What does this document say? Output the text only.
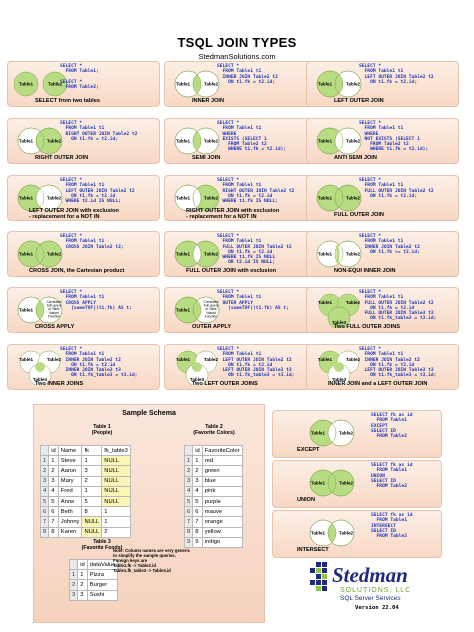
TSQL JOIN TYPES
StedmanSolutions.com
Table1	Table2
SELECT *
FROM Table1;

SELECT *
FROM Table2;
SELECT from two tables
Table1	Table2
SELECT *
FROM Table1 t1
INNER JOIN Table2 t2
ON t1.fk = t2.id;
INNER JOIN
Table1	Table2
SELECT *
FROM Table1 t1
LEFT OUTER JOIN Table2 t2
ON t1.fk = t2.id;
LEFT OUTER JOIN
Table1	Table2
SELECT *
FROM Table1 t1
RIGHT OUTER JOIN Table2 t2
ON t1.fk = t2.id;
RIGHT OUTER JOIN
Table1	Table2
SELECT *
FROM Table1 t1
WHERE
EXISTS (SELECT 1
FROM Table2 t2
WHERE t1.fk = t2.id);
SEMI JOIN
Table1	Table2
SELECT *
FROM Table1 t1
WHERE
NOT EXISTS (SELECT 1
FROM Table2 t2
WHERE t1.fk = t2.id);
ANTI SEMI JOIN
Table1	Table2
SELECT *
FROM Table1 t1
LEFT OUTER JOIN Table2 t2
ON t1.fk = t2.id
WHERE t2.id IS NULL;
LEFT OUTER JOIN with exclusion
- replacement for a NOT IN
Table1	Table2
SELECT *
FROM Table1 t1
RIGHT OUTER JOIN Table2 t2
ON t1.fk = t2.id
WHERE t1.fk IS NULL;
RIGHT OUTER JOIN with exclusion
- replacement for a NOT IN
Table1	Table2
SELECT *
FROM Table1 t1
FULL OUTER JOIN Table2 t2
ON t1.fk = t2.id;
FULL OUTER JOIN
Table1	Table2
SELECT *
FROM Table1 t1
CROSS JOIN Table2 t2;
CROSS JOIN, the Cartesian product
Table1	Table2
SELECT *
FROM Table1 t1
FULL OUTER JOIN Table2 t2
ON t1.fk = t2.id
WHERE t1.fk IS NULL
OR t2.id IS NULL;
FULL OUTER JOIN with exclusion
Table1	Table2
SELECT *
FROM Table1 t1
INNER JOIN Table2 t2
ON t1.fk >= t2.id;
NON-EQUI INNER JOIN
Table1
Correlated Sub-query or Table Valued Function
SELECT *
FROM Table1 t1
CROSS APPLY
[someTVF](t1.fk) AS t;
CROSS APPLY
Table1
Correlated Sub-query or Table Valued Function
SELECT *
FROM Table1 t1
OUTER APPLY
[someTVF](t1.fk) AS t;
OUTER APPLY
Table1	Table2
Table3
SELECT *
FROM Table1 t1
FULL OUTER JOIN Table2 t2
ON t1.fk = t2.id
FULL OUTER JOIN Table3 t3
ON t1.fk_table3 = t3.id;
Two FULL OUTER JOINS
Table1	Table2
Table3
SELECT *
FROM Table1 t1
INNER JOIN Table2 t2
ON t1.fk = t2.id
INNER JOIN Table3 t3
ON t1.fk_table3 = t3.id;
Two INNER JOINS
Table1	Table2
Table3
SELECT *
FROM Table1 t1
LEFT OUTER JOIN Table2 t2
ON t1.fk = t2.id
LEFT OUTER JOIN Table3 t3
ON t1.fk_table3 = t3.id;
Two LEFT OUTER JOINS
Table1	Table2
Table3
SELECT *
FROM Table1 t1
INNER JOIN Table2 t2
ON t1.fk = t2.id
LEFT OUTER JOIN Table3 t3
ON t1.fk_table3 = t3.id;
INNER JOIN and a LEFT OUTER JOIN
Table1	Table2
SELECT fk as id
FROM Table1
EXCEPT
SELECT ID
FROM Table2
EXCEPT
Table1	Table2
SELECT fk as id
FROM Table1
UNION
SELECT ID
FROM Table2
UNION
Table1	Table2
SELECT fk as id
FROM Table1
INTERSECT
SELECT ID
FROM Table2
INTERSECT
Sample Schema
Table 1
(People)
Table 2
(Favorite Colors)
Table 3
(Favorite Foods)
	id	Name	fk	fk_table3
1	1	Steve	1	NULL
2	2	Aaron	3	NULL
3	3	Mary	2	NULL
4	4	Fred	1	NULL
5	5	Anne	5	NULL
6	6	Beth	8	1
7	7	Johnny	NULL	1
8	8	Karen	NULL	2
	id	FavoriteColor
1	1	red
2	2	green
3	3	blue
4	4	pink
5	5	purple
6	6	mauve
7	7	orange
8	8	yellow
9	9	indigo
	id	dataValue
1	1	Pizza
2	2	Burger
3	3	Sushi
Note: Column names are very generic to simplify the sample queries.
Foreign keys are
Table1.fk -> Table2.id
Table1.fk_table3 -> Table3.id	Stedman
SOLUTIONS, LLC
SQL Server Services
Version 22.04
